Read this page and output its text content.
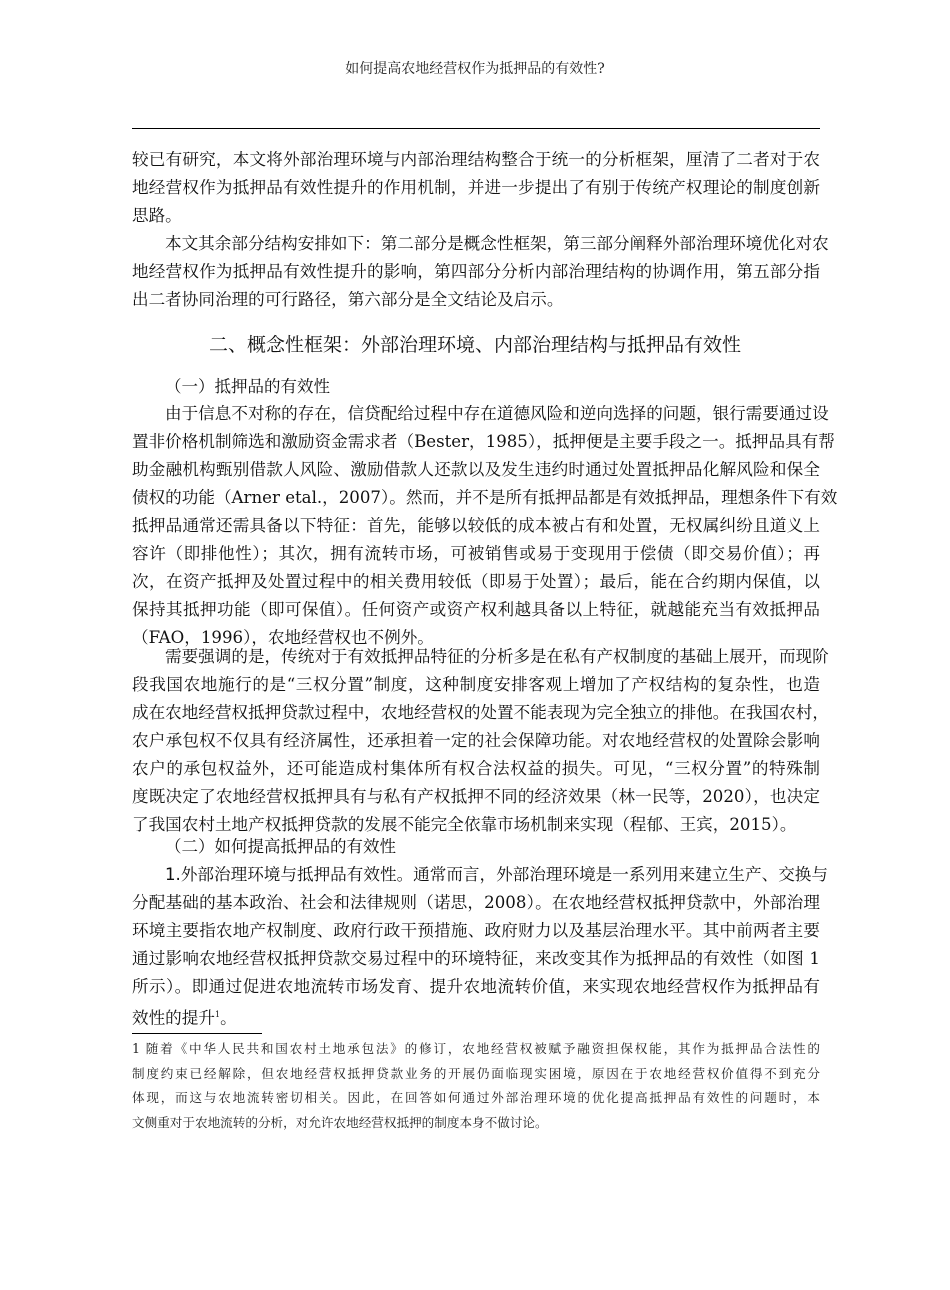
如何提高农地经营权作为抵押品的有效性?
较已有研究，本文将外部治理环境与内部治理结构整合于统一的分析框架，厘清了二者对于农
地经营权作为抵押品有效性提升的作用机制，并进一步提出了有别于传统产权理论的制度创新
思路。
本文其余部分结构安排如下：第二部分是概念性框架，第三部分阐释外部治理环境优化对农
地经营权作为抵押品有效性提升的影响，第四部分分析内部治理结构的协调作用，第五部分指
出二者协同治理的可行路径，第六部分是全文结论及启示。
二、概念性框架：外部治理环境、内部治理结构与抵押品有效性
（一）抵押品的有效性
由于信息不对称的存在，信贷配给过程中存在道德风险和逆向选择的问题，银行需要通过设
置非价格机制筛选和激励资金需求者（Bester，1985），抵押便是主要手段之一。抵押品具有帮
助金融机构甄别借款人风险、激励借款人还款以及发生违约时通过处置抵押品化解风险和保全
债权的功能（Arner etal.，2007）。然而，并不是所有抵押品都是有效抵押品，理想条件下有效
抵押品通常还需具备以下特征：首先，能够以较低的成本被占有和处置，无权属纠纷且道义上
容许（即排他性）；其次，拥有流转市场，可被销售或易于变现用于偿债（即交易价值）；再
次，在资产抵押及处置过程中的相关费用较低（即易于处置）；最后，能在合约期内保值，以
保持其抵押功能（即可保值）。任何资产或资产权利越具备以上特征，就越能充当有效抵押品
（FAO，1996），农地经营权也不例外。
需要强调的是，传统对于有效抵押品特征的分析多是在私有产权制度的基础上展开，而现阶
段我国农地施行的是“三权分置”制度，这种制度安排客观上增加了产权结构的复杂性，也造
成在农地经营权抵押贷款过程中，农地经营权的处置不能表现为完全独立的排他。在我国农村，
农户承包权不仅具有经济属性，还承担着一定的社会保障功能。对农地经营权的处置除会影响
农户的承包权益外，还可能造成村集体所有权合法权益的损失。可见，“三权分置”的特殊制
度既决定了农地经营权抵押具有与私有产权抵押不同的经济效果（林一民等，2020），也决定
了我国农村土地产权抵押贷款的发展不能完全依靠市场机制来实现（程郁、王宾，2015）。
（二）如何提高抵押品的有效性
1.外部治理环境与抵押品有效性。通常而言，外部治理环境是一系列用来建立生产、交换与
分配基础的基本政治、社会和法律规则（诺思，2008）。在农地经营权抵押贷款中，外部治理
环境主要指农地产权制度、政府行政干预措施、政府财力以及基层治理水平。其中前两者主要
通过影响农地经营权抵押贷款交易过程中的环境特征，来改变其作为抵押品的有效性（如图 1
所示）。即通过促进农地流转市场发育、提升农地流转价值，来实现农地经营权作为抵押品有
效性的提升$^1$。
1 随着《中华人民共和国农村土地承包法》的修订，农地经营权被赋予融资担保权能，其作为抵押品合法性的
制度约束已经解除，但农地经营权抵押贷款业务的开展仍面临现实困境，原因在于农地经营权价值得不到充分
体现，而这与农地流转密切相关。因此，在回答如何通过外部治理环境的优化提高抵押品有效性的问题时，本
文侧重对于农地流转的分析，对允许农地经营权抵押的制度本身不做讨论。
